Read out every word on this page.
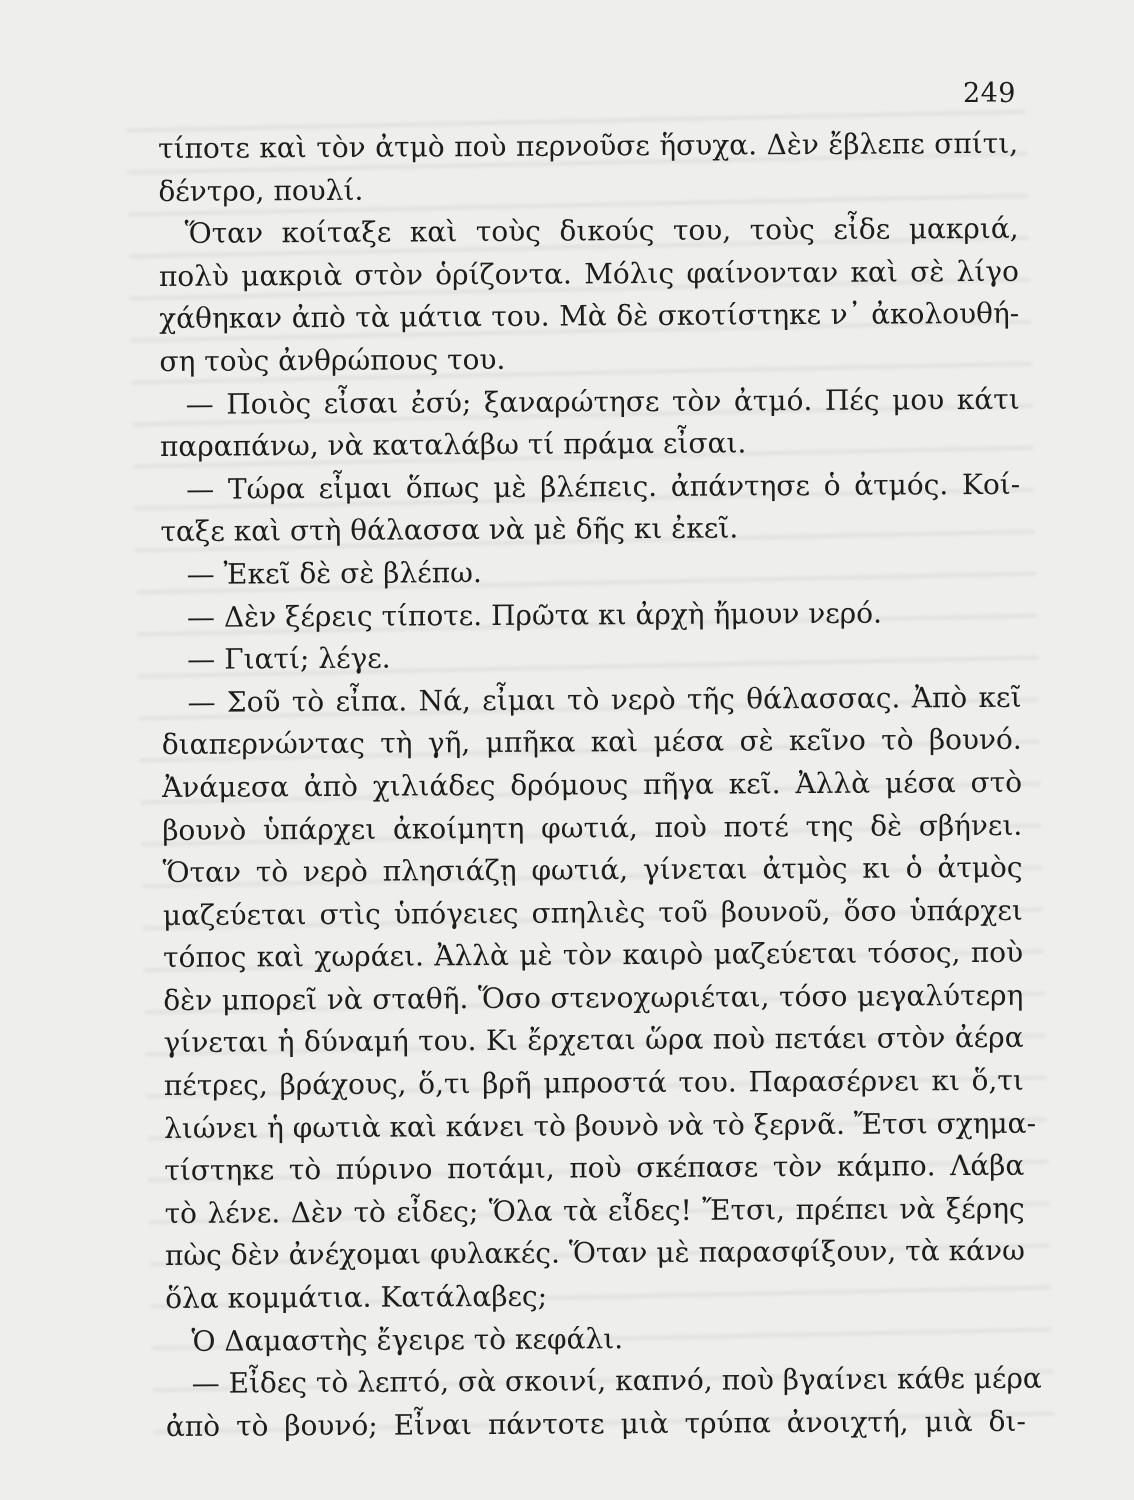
249
τίποτε καὶ τὸν ἀτμὸ ποὺ περνοῦσε ἥσυχα. Δὲν ἔβλεπε σπίτι,
δέντρο, πουλί.
Ὅταν κοίταξε καὶ τοὺς δικούς του, τοὺς εἶδε μακριά,
πολὺ μακριὰ στὸν ὁρίζοντα. Μόλις φαίνονταν καὶ σὲ λίγο
χάθηκαν ἀπὸ τὰ μάτια του. Μὰ δὲ σκοτίστηκε ν᾽ ἀκολουθή-
ση τοὺς ἀνθρώπους του.
— Ποιὸς εἶσαι ἐσύ; ξαναρώτησε τὸν ἀτμό. Πές μου κάτι
παραπάνω, νὰ καταλάβω τί πράμα εἶσαι.
— Τώρα εἶμαι ὅπως μὲ βλέπεις. ἀπάντησε ὁ ἀτμός. Κοί-
ταξε καὶ στὴ θάλασσα νὰ μὲ δῆς κι ἐκεῖ.
— Ἐκεῖ δὲ σὲ βλέπω.
— Δὲν ξέρεις τίποτε. Πρῶτα κι ἀρχὴ ἤμουν νερό.
— Γιατί; λέγε.
— Σοῦ τὸ εἶπα. Νά, εἶμαι τὸ νερὸ τῆς θάλασσας. Ἀπὸ κεῖ
διαπερνώντας τὴ γῆ, μπῆκα καὶ μέσα σὲ κεῖνο τὸ βουνό.
Ἀνάμεσα ἀπὸ χιλιάδες δρόμους πῆγα κεῖ. Ἀλλὰ μέσα στὸ
βουνὸ ὑπάρχει ἀκοίμητη φωτιά, ποὺ ποτέ της δὲ σβήνει.
Ὅταν τὸ νερὸ πλησιάζῃ φωτιά, γίνεται ἀτμὸς κι ὁ ἀτμὸς
μαζεύεται στὶς ὑπόγειες σπηλιὲς τοῦ βουνοῦ, ὅσο ὑπάρχει
τόπος καὶ χωράει. Ἀλλὰ μὲ τὸν καιρὸ μαζεύεται τόσος, ποὺ
δὲν μπορεῖ νὰ σταθῆ. Ὅσο στενοχωριέται, τόσο μεγαλύτερη
γίνεται ἡ δύναμή του. Κι ἔρχεται ὥρα ποὺ πετάει στὸν ἀέρα
πέτρες, βράχους, ὅ,τι βρῆ μπροστά του. Παρασέρνει κι ὅ,τι
λιώνει ἡ φωτιὰ καὶ κάνει τὸ βουνὸ νὰ τὸ ξερνᾶ. Ἔτσι σχημα-
τίστηκε τὸ πύρινο ποτάμι, ποὺ σκέπασε τὸν κάμπο. Λάβα
τὸ λένε. Δὲν τὸ εἶδες; Ὅλα τὰ εἶδες! Ἔτσι, πρέπει νὰ ξέρης
πὼς δὲν ἀνέχομαι φυλακές. Ὅταν μὲ παρασφίξουν, τὰ κάνω
ὅλα κομμάτια. Κατάλαβες;
Ὁ Δαμαστὴς ἔγειρε τὸ κεφάλι.
— Εἶδες τὸ λεπτό, σὰ σκοινί, καπνό, ποὺ βγαίνει κάθε μέρα
ἀπὸ τὸ βουνό; Εἶναι πάντοτε μιὰ τρύπα ἀνοιχτή, μιὰ δι-
